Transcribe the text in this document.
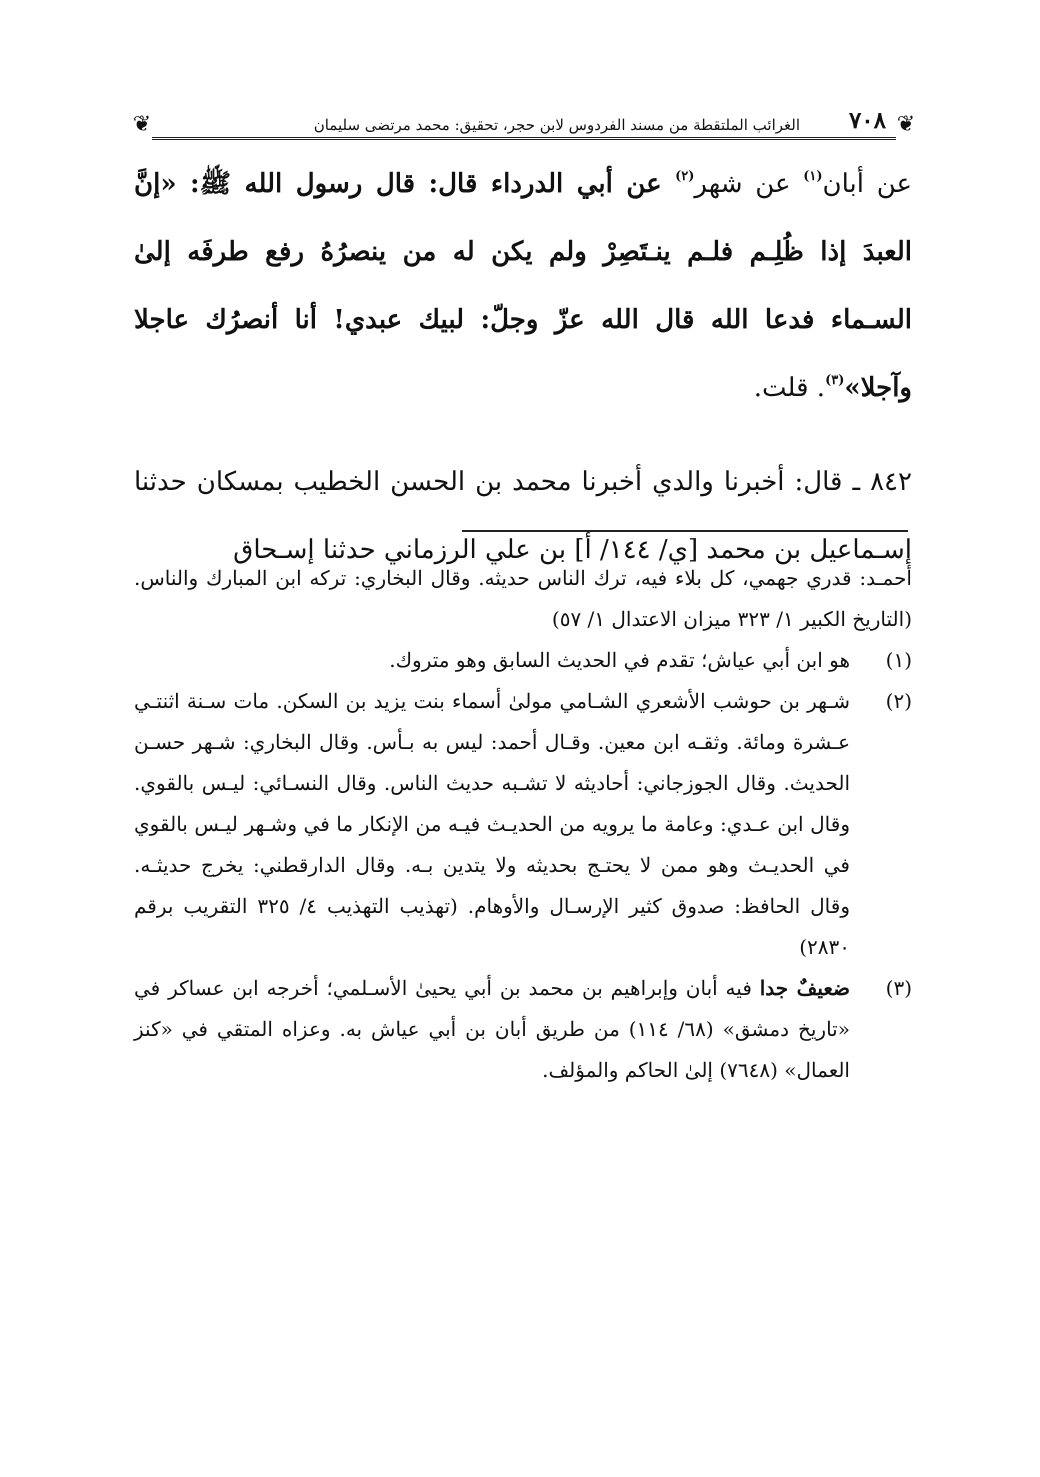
❦
٧٠٨
الغرائب الملتقطة من مسند الفردوس لابن حجر، تحقيق: محمد مرتضى سليمان
❦

عن أبان$^{(١)}$ عن شهر$^{(٢)}$ عن أبي الدرداء قال: قال رسول الله ﷺ: «إنَّ العبدَ إذا ظُلِـم فلـم ينـتَصِرْ ولم يكن له من ينصرُهُ رفع طرفَه إلىٰ السـماء فدعا الله قال الله عزّ وجلّ: لبيك عبدي! أنا أنصرُك عاجلا وآجلا»$^{(٣)}$. قلت.

٨٤٢ ـ قال: أخبرنا والدي أخبرنا محمد بن الحسن الخطيب بمسكان حدثنا إسـماعيل بن محمد [ي/ ١٤٤/ أ] بن علي الرزماني حدثنا إسـحاق

أحمـد: قدري جهمي، كل بلاء فيه، ترك الناس حديثه. وقال البخاري: تركه ابن المبارك والناس. (التاريخ الكبير ١/ ٣٢٣ ميزان الاعتدال ١/ ٥٧)

(١)
هو ابن أبي عياش؛ تقدم في الحديث السابق وهو متروك.
(٢)
شـهر بن حوشب الأشعري الشـامي مولىٰ أسماء بنت يزيد بن السكن. مات سـنة اثنتـي عـشرة ومائة. وثقـه ابن معين. وقـال أحمد: ليس به بـأس. وقال البخاري: شـهر حسـن الحديث. وقال الجوزجاني: أحاديثه لا تشـبه حديث الناس. وقال النسـائي: ليـس بالقوي. وقال ابن عـدي: وعامة ما يرويه من الحديـث فيـه من الإنكار ما في وشـهر ليـس بالقوي في الحديـث وهو ممن لا يحتـج بحديثه ولا يتدين بـه. وقال الدارقطني: يخرج حديثـه. وقال الحافظ: صدوق كثير الإرسـال والأوهام. (تهذيب التهذيب ٤/ ٣٢٥ التقريب برقم ٢٨٣٠)
(٣)
ضعيفٌ جدا فيه أبان وإبراهيم بن محمد بن أبي يحيىٰ الأسـلمي؛ أخرجه ابن عساكر في «تاريخ دمشق» (٦٨/ ١١٤) من طريق أبان بن أبي عياش به. وعزاه المتقي في «كنز العمال» (٧٦٤٨) إلىٰ الحاكم والمؤلف.
